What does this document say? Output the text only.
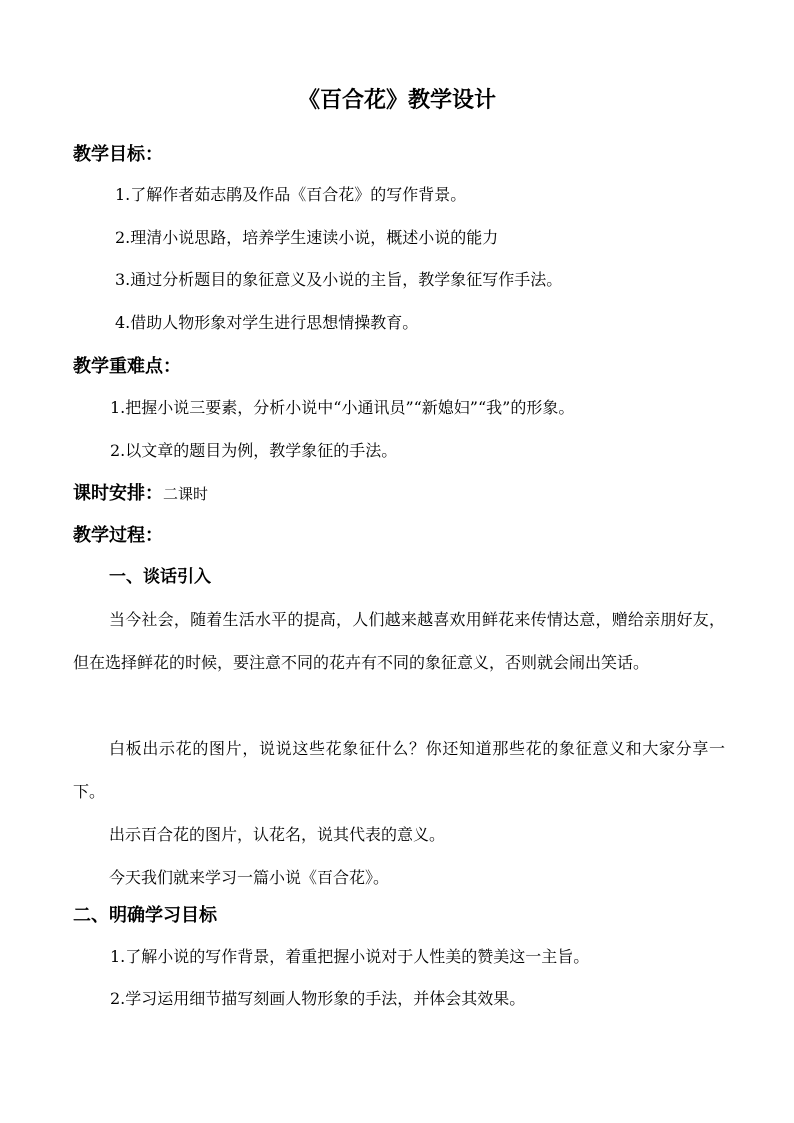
《百合花》教学设计
教学目标：
1.了解作者茹志鹃及作品《百合花》的写作背景。
2.理清小说思路，培养学生速读小说，概述小说的能力
3.通过分析题目的象征意义及小说的主旨，教学象征写作手法。
4.借助人物形象对学生进行思想情操教育。
教学重难点：
1.把握小说三要素，分析小说中“小通讯员”“新媳妇”“我”的形象。
2.以文章的题目为例，教学象征的手法。
课时安排：二课时
教学过程：
一、谈话引入
当今社会，随着生活水平的提高，人们越来越喜欢用鲜花来传情达意，赠给亲朋好友，但在选择鲜花的时候，要注意不同的花卉有不同的象征意义，否则就会闹出笑话。
白板出示花的图片，说说这些花象征什么？你还知道那些花的象征意义和大家分享一下。
出示百合花的图片，认花名，说其代表的意义。
今天我们就来学习一篇小说《百合花》。
二、明确学习目标
1.了解小说的写作背景，着重把握小说对于人性美的赞美这一主旨。
2.学习运用细节描写刻画人物形象的手法，并体会其效果。
